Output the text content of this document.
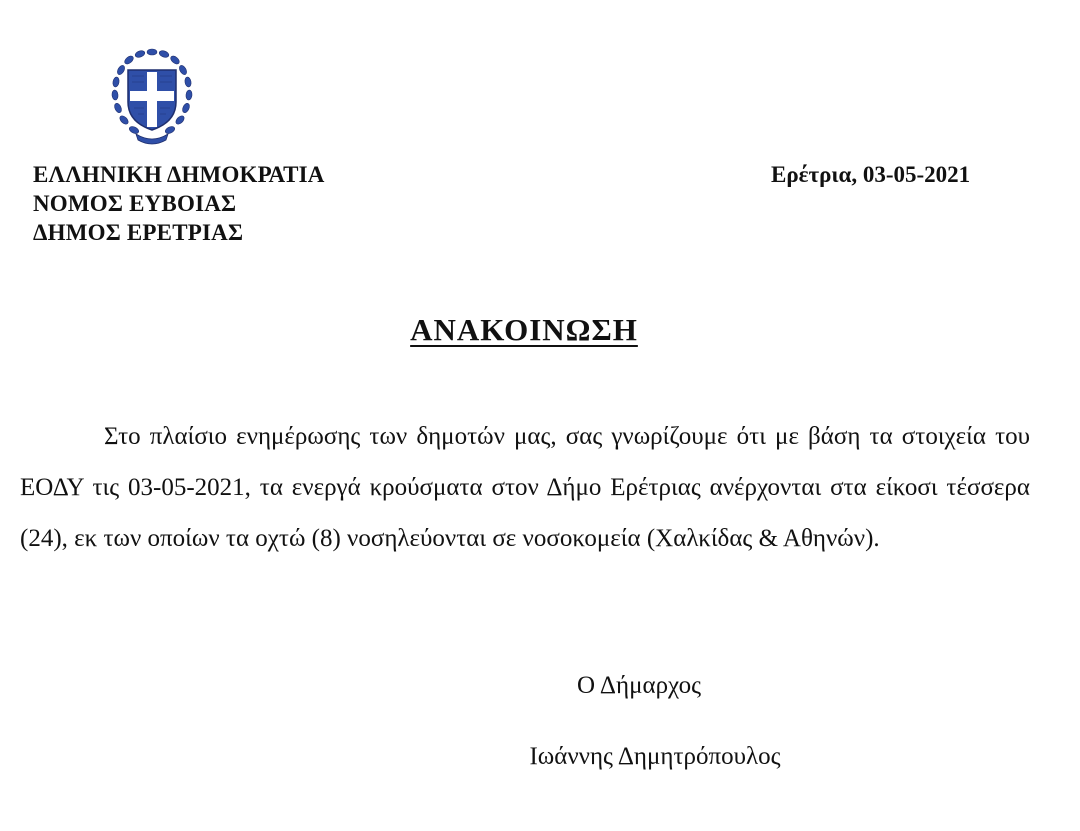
ΕΛΛΗΝΙΚΗ ΔΗΜΟΚΡΑΤΙΑ
ΝΟΜΟΣ ΕΥΒΟΙΑΣ
ΔΗΜΟΣ ΕΡΕΤΡΙΑΣ
Ερέτρια, 03-05-2021
ΑΝΑΚΟΙΝΩΣΗ

Στο πλαίσιο ενημέρωσης των δημοτών μας, σας γνωρίζουμε ότι με βάση τα στοιχεία του ΕΟΔΥ τις 03-05-2021, τα ενεργά κρούσματα στον Δήμο Ερέτριας ανέρχονται στα είκοσι τέσσερα (24), εκ των οποίων τα οχτώ (8) νοσηλεύονται σε νοσοκομεία (Χαλκίδας & Αθηνών).

Ο Δήμαρχος
Ιωάννης Δημητρόπουλος
